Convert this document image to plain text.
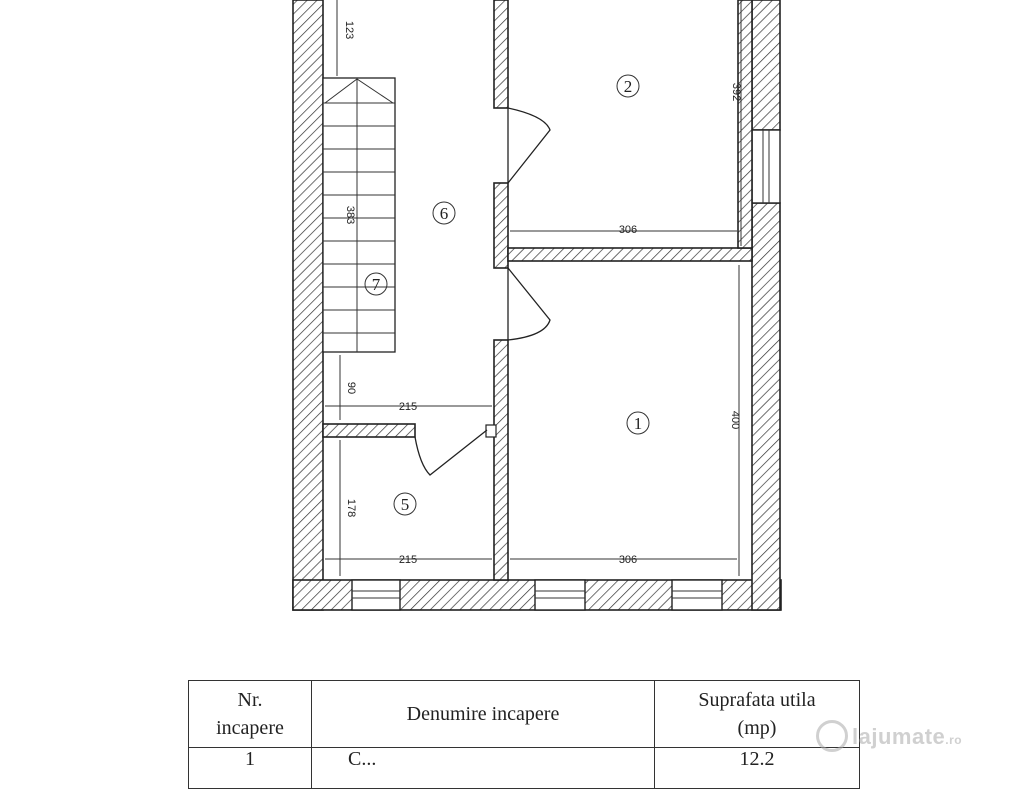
123
392
306
383
90
215
400
178
215	306
2
6
7
1
5
Nr.
incapere	Denumire incapere	Suprafata utila
(mp)
1	C...	12.2
lajumate.ro
